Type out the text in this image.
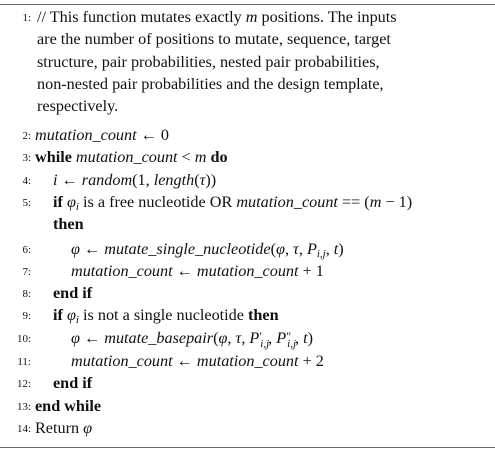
1: // This function mutates exactly m positions. The inputs
are the number of positions to mutate, sequence, target
structure, pair probabilities, nested pair probabilities,
non-nested pair probabilities and the design template,
respectively.
2: mutation_count ← 0
3: while mutation_count < m do
4: i ← random(1, length(τ))
5: if $\varphi_i$ is a free nucleotide OR mutation_count == (m − 1)
then
6: φ ← mutate_single_nucleotide(φ, τ, $P_{i,j}$, t)
7: mutation_count ← mutation_count + 1
8: end if
9: if $\varphi_i$ is not a single nucleotide then
10: φ ← mutate_basepair(φ, τ, P ′
$_{i,j}$, P ″
$_{i,j}$, t)
11: mutation_count ← mutation_count + 2
12: end if
13: end while
14: Return φ
